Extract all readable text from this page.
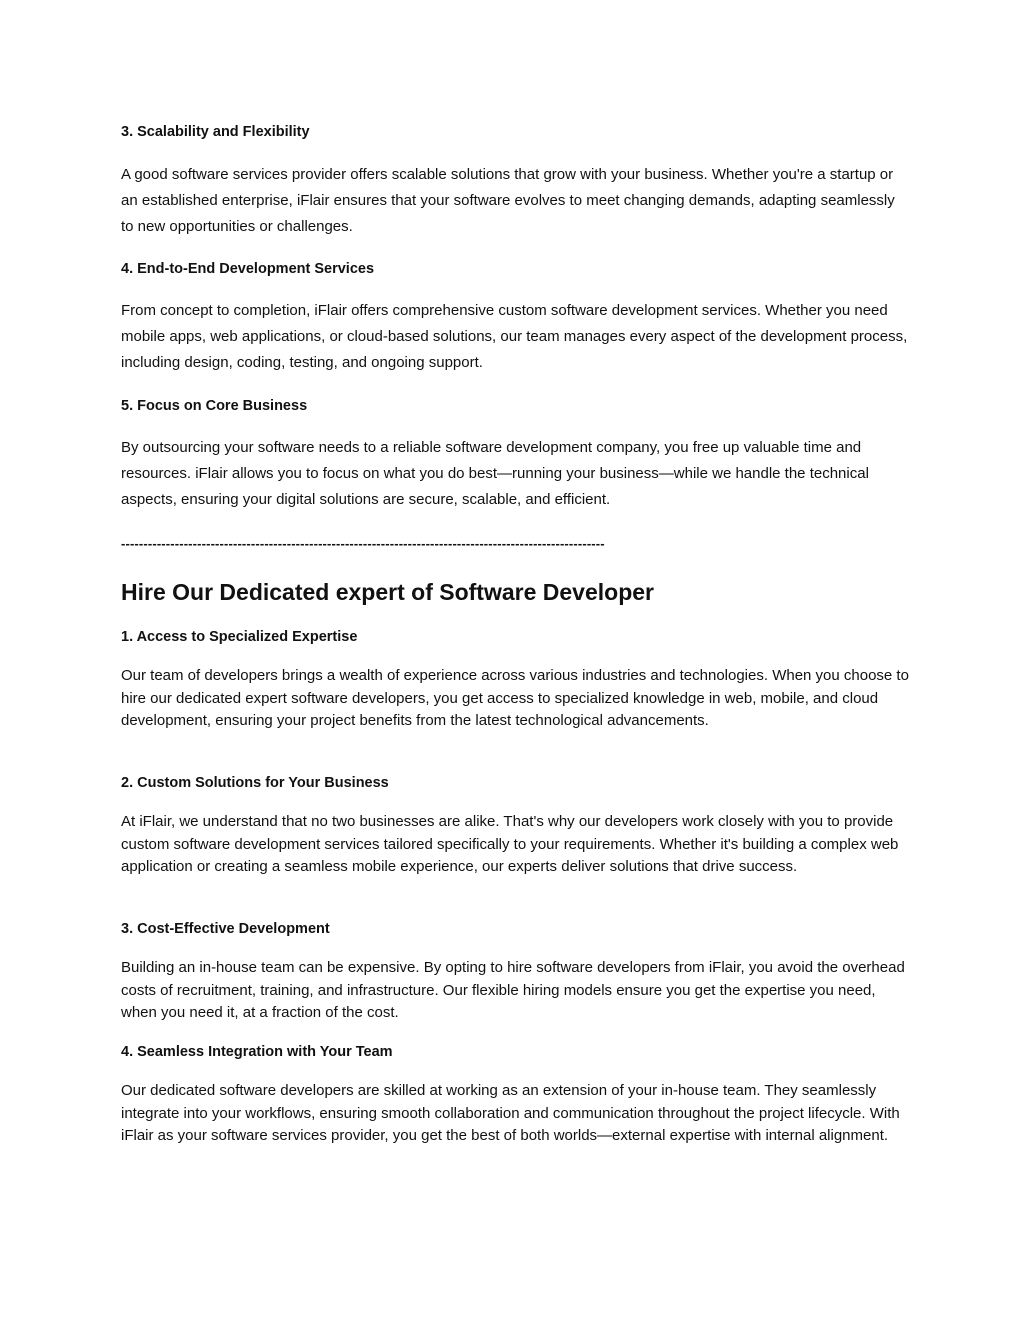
3. Scalability and Flexibility

A good software services provider offers scalable solutions that grow with your business. Whether you're a startup or an established enterprise, iFlair ensures that your software evolves to meet changing demands, adapting seamlessly to new opportunities or challenges.

4. End-to-End Development Services

From concept to completion, iFlair offers comprehensive custom software development services. Whether you need mobile apps, web applications, or cloud-based solutions, our team manages every aspect of the development process, including design, coding, testing, and ongoing support.

5. Focus on Core Business

By outsourcing your software needs to a reliable software development company, you free up valuable time and resources. iFlair allows you to focus on what you do best—running your business—while we handle the technical aspects, ensuring your digital solutions are secure, scalable, and efficient.

------------------------------------------------------------------------------------------------------------
Hire Our Dedicated expert of Software Developer
1. Access to Specialized Expertise

Our team of developers brings a wealth of experience across various industries and technologies. When you choose to hire our dedicated expert software developers, you get access to specialized knowledge in web, mobile, and cloud development, ensuring your project benefits from the latest technological advancements.

2. Custom Solutions for Your Business

At iFlair, we understand that no two businesses are alike. That's why our developers work closely with you to provide custom software development services tailored specifically to your requirements. Whether it's building a complex web application or creating a seamless mobile experience, our experts deliver solutions that drive success.

3. Cost-Effective Development

Building an in-house team can be expensive. By opting to hire software developers from iFlair, you avoid the overhead costs of recruitment, training, and infrastructure. Our flexible hiring models ensure you get the expertise you need, when you need it, at a fraction of the cost.

4. Seamless Integration with Your Team

Our dedicated software developers are skilled at working as an extension of your in-house team. They seamlessly integrate into your workflows, ensuring smooth collaboration and communication throughout the project lifecycle. With iFlair as your software services provider, you get the best of both worlds—external expertise with internal alignment.
